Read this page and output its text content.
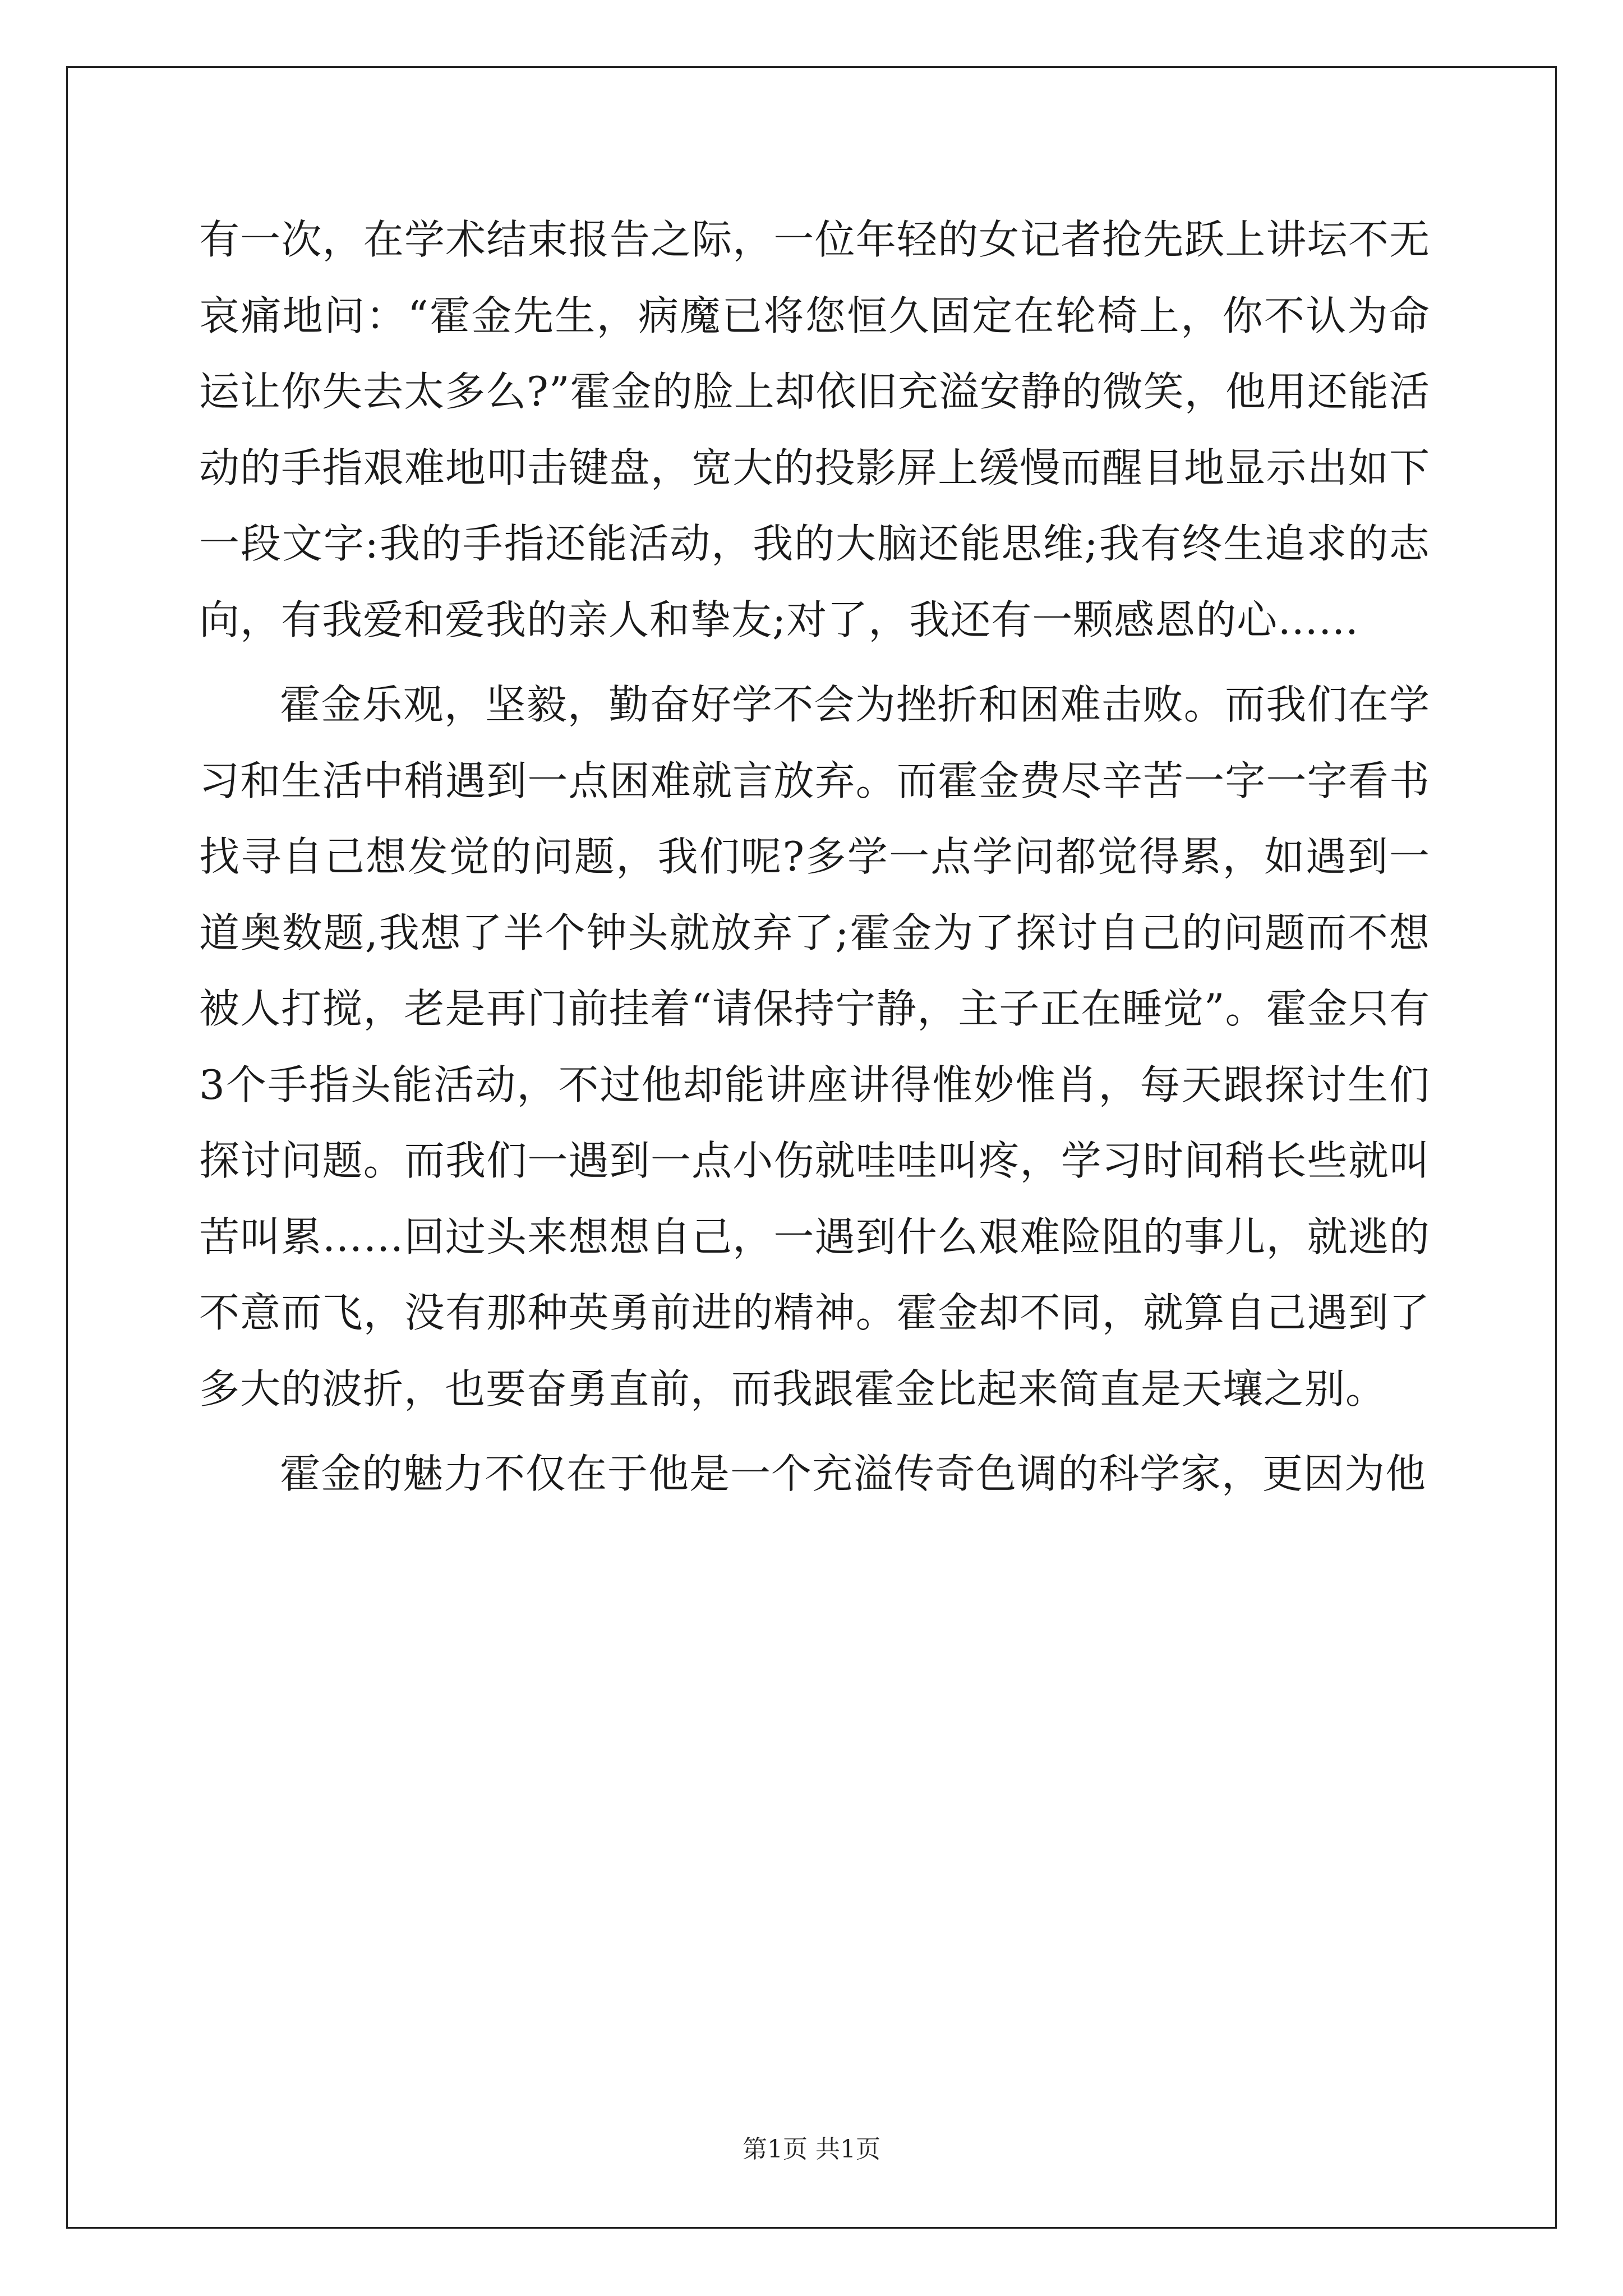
有一次，在学术结束报告之际，一位年轻的女记者抢先跃上讲坛不无哀痛地问：“霍金先生，病魔已将您恒久固定在轮椅上，你不认为命运让你失去太多么?”霍金的脸上却依旧充溢安静的微笑，他用还能活动的手指艰难地叩击键盘，宽大的投影屏上缓慢而醒目地显示出如下一段文字:我的手指还能活动，我的大脑还能思维;我有终生追求的志向，有我爱和爱我的亲人和挚友;对了，我还有一颗感恩的心…...

霍金乐观，坚毅，勤奋好学不会为挫折和困难击败。而我们在学习和生活中稍遇到一点困难就言放弃。而霍金费尽辛苦一字一字看书找寻自己想发觉的问题，我们呢?多学一点学问都觉得累，如遇到一道奥数题,我想了半个钟头就放弃了;霍金为了探讨自己的问题而不想被人打搅，老是再门前挂着“请保持宁静，主子正在睡觉”。霍金只有3个手指头能活动，不过他却能讲座讲得惟妙惟肖，每天跟探讨生们探讨问题。而我们一遇到一点小伤就哇哇叫疼，学习时间稍长些就叫苦叫累……回过头来想想自己，一遇到什么艰难险阻的事儿，就逃的不意而飞，没有那种英勇前进的精神。霍金却不同，就算自己遇到了多大的波折，也要奋勇直前，而我跟霍金比起来简直是天壤之别。

霍金的魅力不仅在于他是一个充溢传奇色调的科学家，更因为他

第1页 共1页
